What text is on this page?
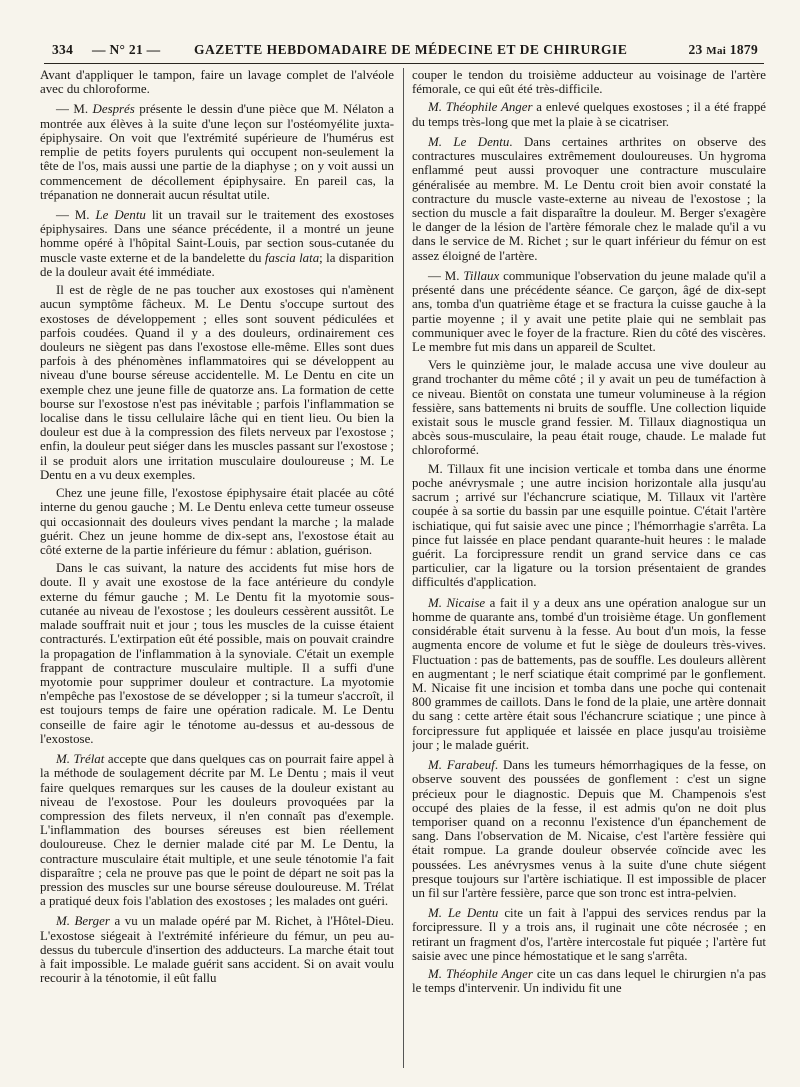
334 — N° 21 — GAZETTE HEBDOMADAIRE DE MÉDECINE ET DE CHIRURGIE	23 Mai 1879

Avant d'appliquer le tampon, faire un lavage complet de l'alvéole avec du chloroforme.

— M. Després présente le dessin d'une pièce que M. Nélaton a montrée aux élèves à la suite d'une leçon sur l'ostéomyélite juxta-épiphysaire. On voit que l'extrémité supérieure de l'humérus est remplie de petits foyers purulents qui occupent non-seulement la tête de l'os, mais aussi une partie de la diaphyse ; on y voit aussi un commencement de décollement épiphysaire. En pareil cas, la trépanation ne donnerait aucun résultat utile.

— M. Le Dentu lit un travail sur le traitement des exostoses épiphysaires. Dans une séance précédente, il a montré un jeune homme opéré à l'hôpital Saint-Louis, par section sous-cutanée du muscle vaste externe et de la bandelette du fascia lata; la disparition de la douleur avait été immédiate.

Il est de règle de ne pas toucher aux exostoses qui n'amènent aucun symptôme fâcheux. M. Le Dentu s'occupe surtout des exostoses de développement ; elles sont souvent pédiculées et parfois coudées. Quand il y a des douleurs, ordinairement ces douleurs ne siègent pas dans l'exostose elle-même. Elles sont dues parfois à des phénomènes inflammatoires qui se développent au niveau d'une bourse séreuse accidentelle. M. Le Dentu en cite un exemple chez une jeune fille de quatorze ans. La formation de cette bourse sur l'exostose n'est pas inévitable ; parfois l'inflammation se localise dans le tissu cellulaire lâche qui en tient lieu. Ou bien la douleur est due à la compression des filets nerveux par l'exostose ; enfin, la douleur peut siéger dans les muscles passant sur l'exostose ; il se produit alors une irritation musculaire douloureuse ; M. Le Dentu en a vu deux exemples.

Chez une jeune fille, l'exostose épiphysaire était placée au côté interne du genou gauche ; M. Le Dentu enleva cette tumeur osseuse qui occasionnait des douleurs vives pendant la marche ; la malade guérit. Chez un jeune homme de dix-sept ans, l'exostose était au côté externe de la partie inférieure du fémur : ablation, guérison.

Dans le cas suivant, la nature des accidents fut mise hors de doute. Il y avait une exostose de la face antérieure du condyle externe du fémur gauche ; M. Le Dentu fit la myotomie sous-cutanée au niveau de l'exostose ; les douleurs cessèrent aussitôt. Le malade souffrait nuit et jour ; tous les muscles de la cuisse étaient contracturés. L'extirpation eût été possible, mais on pouvait craindre la propagation de l'inflammation à la synoviale. C'était un exemple frappant de contracture musculaire multiple. Il a suffi d'une myotomie pour supprimer douleur et contracture. La myotomie n'empêche pas l'exostose de se développer ; si la tumeur s'accroît, il est toujours temps de faire une opération radicale. M. Le Dentu conseille de faire agir le ténotome au-dessus et au-dessous de l'exostose.

M. Trélat accepte que dans quelques cas on pourrait faire appel à la méthode de soulagement décrite par M. Le Dentu ; mais il veut faire quelques remarques sur les causes de la douleur existant au niveau de l'exostose. Pour les douleurs provoquées par la compression des filets nerveux, il n'en connaît pas d'exemple. L'inflammation des bourses séreuses est bien réellement douloureuse. Chez le dernier malade cité par M. Le Dentu, la contracture musculaire était multiple, et une seule ténotomie l'a fait disparaître ; cela ne prouve pas que le point de départ ne soit pas la pression des muscles sur une bourse séreuse douloureuse. M. Trélat a pratiqué deux fois l'ablation des exostoses ; les malades ont guéri.

M. Berger a vu un malade opéré par M. Richet, à l'Hôtel-Dieu. L'exostose siégeait à l'extrémité inférieure du fémur, un peu au-dessus du tubercule d'insertion des adducteurs. La marche était tout à fait impossible. Le malade guérit sans accident. Si on avait voulu recourir à la ténotomie, il eût fallu

couper le tendon du troisième adducteur au voisinage de l'artère fémorale, ce qui eût été très-difficile.

M. Théophile Anger a enlevé quelques exostoses ; il a été frappé du temps très-long que met la plaie à se cicatriser.

M. Le Dentu. Dans certaines arthrites on observe des contractures musculaires extrêmement douloureuses. Un hygroma enflammé peut aussi provoquer une contracture musculaire généralisée au membre. M. Le Dentu croit bien avoir constaté la contracture du muscle vaste-externe au niveau de l'exostose ; la section du muscle a fait disparaître la douleur. M. Berger s'exagère le danger de la lésion de l'artère fémorale chez le malade qu'il a vu dans le service de M. Richet ; sur le quart inférieur du fémur on est assez éloigné de l'artère.

— M. Tillaux communique l'observation du jeune malade qu'il a présenté dans une précédente séance. Ce garçon, âgé de dix-sept ans, tomba d'un quatrième étage et se fractura la cuisse gauche à la partie moyenne ; il y avait une petite plaie qui ne semblait pas communiquer avec le foyer de la fracture. Rien du côté des viscères. Le membre fut mis dans un appareil de Scultet.

Vers le quinzième jour, le malade accusa une vive douleur au grand trochanter du même côté ; il y avait un peu de tuméfaction à ce niveau. Bientôt on constata une tumeur volumineuse à la région fessière, sans battements ni bruits de souffle. Une collection liquide existait sous le muscle grand fessier. M. Tillaux diagnostiqua un abcès sous-musculaire, la peau était rouge, chaude. Le malade fut chloroformé.

M. Tillaux fit une incision verticale et tomba dans une énorme poche anévrysmale ; une autre incision horizontale alla jusqu'au sacrum ; arrivé sur l'échancrure sciatique, M. Tillaux vit l'artère coupée à sa sortie du bassin par une esquille pointue. C'était l'artère ischiatique, qui fut saisie avec une pince ; l'hémorrhagie s'arrêta. La pince fut laissée en place pendant quarante-huit heures : le malade guérit. La forcipressure rendit un grand service dans ce cas particulier, car la ligature ou la torsion présentaient de grandes difficultés d'application.

M. Nicaise a fait il y a deux ans une opération analogue sur un homme de quarante ans, tombé d'un troisième étage. Un gonflement considérable était survenu à la fesse. Au bout d'un mois, la fesse augmenta encore de volume et fut le siège de douleurs très-vives. Fluctuation : pas de battements, pas de souffle. Les douleurs allèrent en augmentant ; le nerf sciatique était comprimé par le gonflement. M. Nicaise fit une incision et tomba dans une poche qui contenait 800 grammes de caillots. Dans le fond de la plaie, une artère donnait du sang : cette artère était sous l'échancrure sciatique ; une pince à forcipressure fut appliquée et laissée en place jusqu'au troisième jour ; le malade guérit.

M. Farabeuf. Dans les tumeurs hémorrhagiques de la fesse, on observe souvent des poussées de gonflement : c'est un signe précieux pour le diagnostic. Depuis que M. Champenois s'est occupé des plaies de la fesse, il est admis qu'on ne doit plus temporiser quand on a reconnu l'existence d'un épanchement de sang. Dans l'observation de M. Nicaise, c'est l'artère fessière qui était rompue. La grande douleur observée coïncide avec les poussées. Les anévrysmes venus à la suite d'une chute siégent presque toujours sur l'artère ischiatique. Il est impossible de placer un fil sur l'artère fessière, parce que son tronc est intra-pelvien.

M. Le Dentu cite un fait à l'appui des services rendus par la forcipressure. Il y a trois ans, il ruginait une côte nécrosée ; en retirant un fragment d'os, l'artère intercostale fut piquée ; l'artère fut saisie avec une pince hémostatique et le sang s'arrêta.

M. Théophile Anger cite un cas dans lequel le chirurgien n'a pas le temps d'intervenir. Un individu fit une
